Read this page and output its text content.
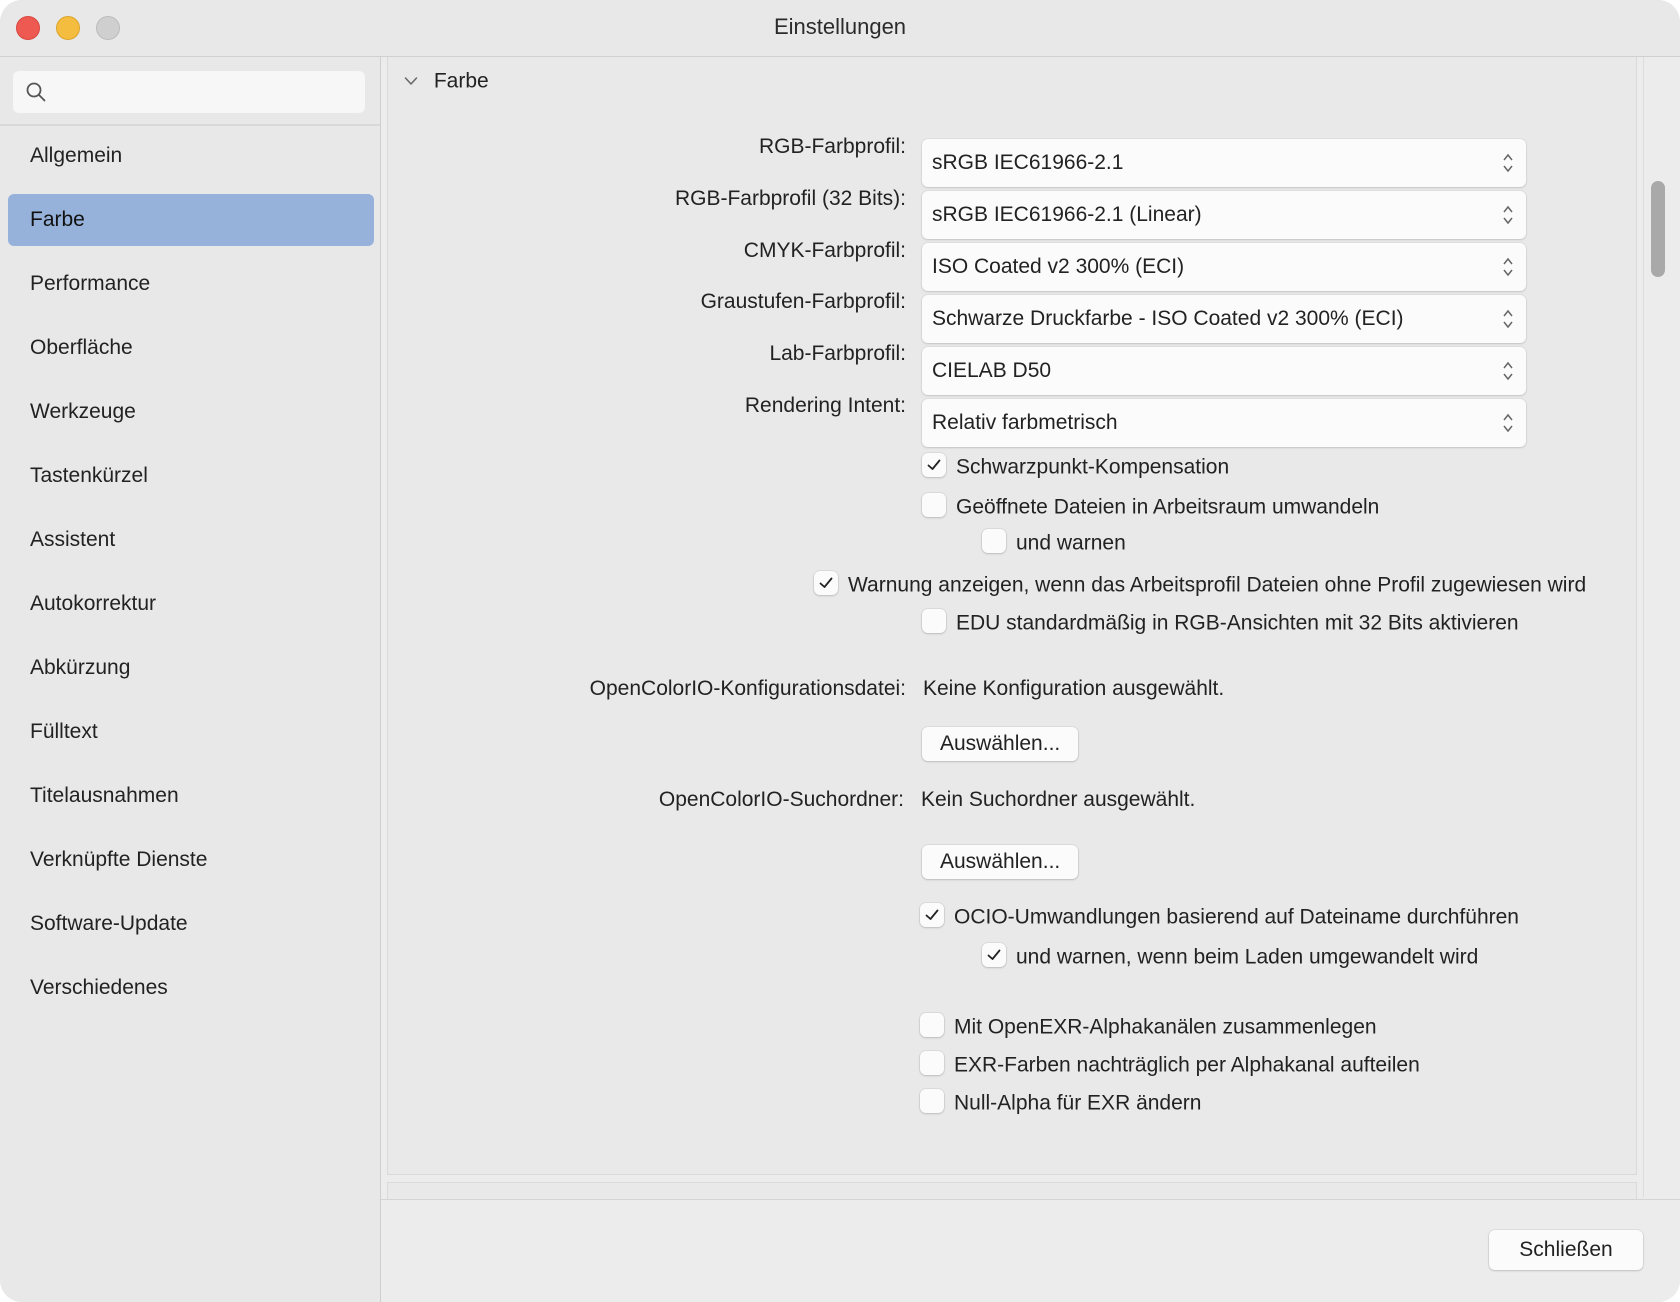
Einstellungen
Allgemein
Farbe
Performance
Oberfläche
Werkzeuge
Tastenkürzel
Assistent
Autokorrektur
Abkürzung
Fülltext
Titelausnahmen
Verknüpfte Dienste
Software-Update
Verschiedenes
Farbe
RGB-Farbprofil:
RGB-Farbprofil (32 Bits):
CMYK-Farbprofil:
Graustufen-Farbprofil:
Lab-Farbprofil:
Rendering Intent:
OpenColorIO-Konfigurationsdatei:
OpenColorIO-Suchordner:
sRGB IEC61966-2.1
sRGB IEC61966-2.1 (Linear)
ISO Coated v2 300% (ECI)
Schwarze Druckfarbe - ISO Coated v2 300% (ECI)
CIELAB D50
Relativ farbmetrisch
Schwarzpunkt-Kompensation
Geöffnete Dateien in Arbeitsraum umwandeln
und warnen
Warnung anzeigen, wenn das Arbeitsprofil Dateien ohne Profil zugewiesen wird
EDU standardmäßig in RGB-Ansichten mit 32 Bits aktivieren
Keine Konfiguration ausgewählt.
Auswählen...
Kein Suchordner ausgewählt.
Auswählen...
OCIO-Umwandlungen basierend auf Dateiname durchführen
und warnen, wenn beim Laden umgewandelt wird
Mit OpenEXR-Alphakanälen zusammenlegen
EXR-Farben nachträglich per Alphakanal aufteilen
Null-Alpha für EXR ändern
Schließen
